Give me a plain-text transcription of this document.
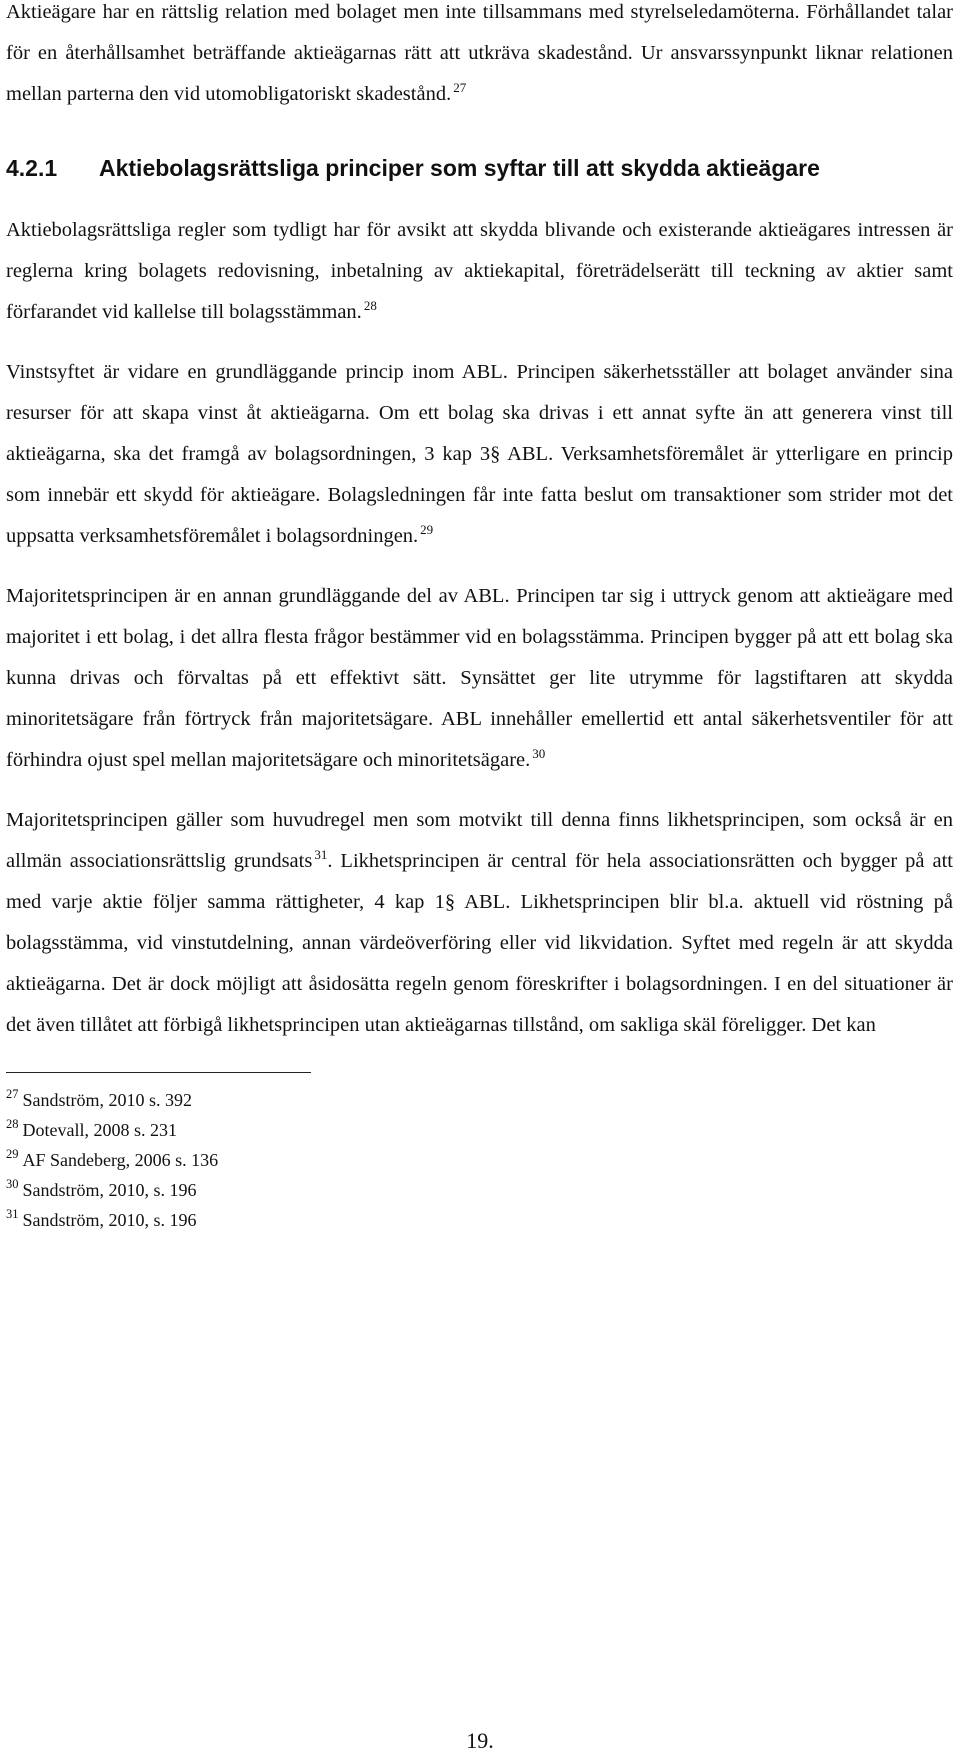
Aktieägare har en rättslig relation med bolaget men inte tillsammans med styrelseledamöterna. Förhållandet talar för en återhållsamhet beträffande aktieägarnas rätt att utkräva skadestånd. Ur ansvarssynpunkt liknar relationen mellan parterna den vid utomobligatoriskt skadestånd. $^{27}$

4.2.1	Aktiebolagsrättsliga principer som syftar till att skydda aktieägare

Aktiebolagsrättsliga regler som tydligt har för avsikt att skydda blivande och existerande aktieägares intressen är reglerna kring bolagets redovisning, inbetalning av aktiekapital, företrädelserätt till teckning av aktier samt förfarandet vid kallelse till bolagsstämman. $^{28}$

Vinstsyftet är vidare en grundläggande princip inom ABL. Principen säkerhetsställer att bolaget använder sina resurser för att skapa vinst åt aktieägarna. Om ett bolag ska drivas i ett annat syfte än att generera vinst till aktieägarna, ska det framgå av bolagsordningen, 3 kap 3§ ABL. Verksamhetsföremålet är ytterligare en princip som innebär ett skydd för aktieägare. Bolagsledningen får inte fatta beslut om transaktioner som strider mot det uppsatta verksamhetsföremålet i bolagsordningen. $^{29}$

Majoritetsprincipen är en annan grundläggande del av ABL. Principen tar sig i uttryck genom att aktieägare med majoritet i ett bolag, i det allra flesta frågor bestämmer vid en bolagsstämma. Principen bygger på att ett bolag ska kunna drivas och förvaltas på ett effektivt sätt. Synsättet ger lite utrymme för lagstiftaren att skydda minoritetsägare från förtryck från majoritetsägare. ABL innehåller emellertid ett antal säkerhetsventiler för att förhindra ojust spel mellan majoritetsägare och minoritetsägare. $^{30}$

Majoritetsprincipen gäller som huvudregel men som motvikt till denna finns likhetsprincipen, som också är en allmän associationsrättslig grundsats $^{31}$. Likhetsprincipen är central för hela associationsrätten och bygger på att med varje aktie följer samma rättigheter, 4 kap 1§ ABL. Likhetsprincipen blir bl.a. aktuell vid röstning på bolagsstämma, vid vinstutdelning, annan värdeöverföring eller vid likvidation. Syftet med regeln är att skydda aktieägarna. Det är dock möjligt att åsidosätta regeln genom föreskrifter i bolagsordningen. I en del situationer är det även tillåtet att förbigå likhetsprincipen utan aktieägarnas tillstånd, om sakliga skäl föreligger. Det kan

$^{27}$ Sandström, 2010 s. 392

$^{28}$ Dotevall, 2008 s. 231

$^{29}$ AF Sandeberg, 2006 s. 136

$^{30}$ Sandström, 2010, s. 196

$^{31}$ Sandström, 2010, s. 196

19.
